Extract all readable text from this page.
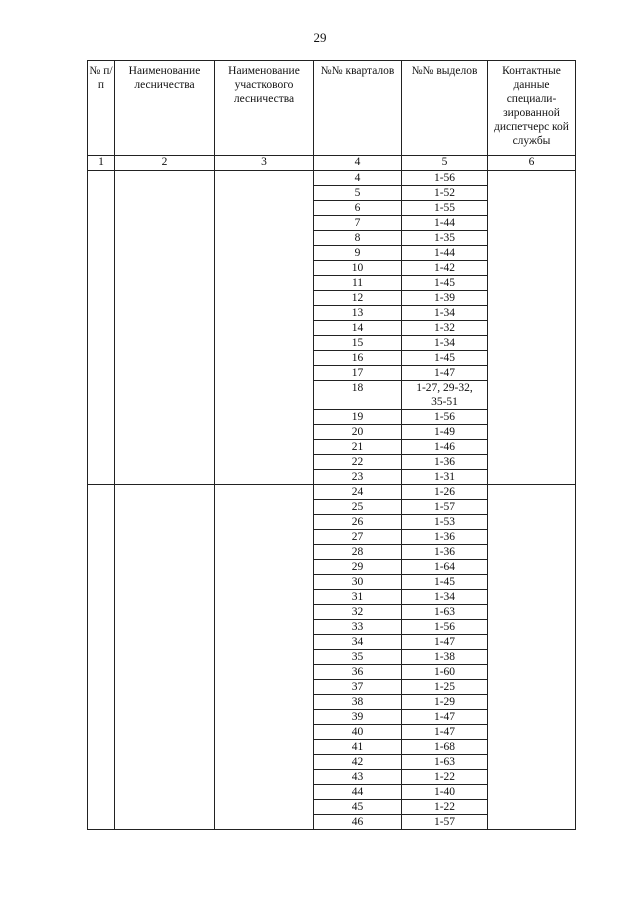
29
№ п/п	Наименование лесничества	Наименование участкового лесничества	№№ кварталов	№№ выделов	Контактные данные специали-зированной диспетчерс кой службы
1	2	3	4	5	6
			4	1-56	
			5	1-52	
			6	1-55	
			7	1-44	
			8	1-35	
			9	1-44	
			10	1-42	
			11	1-45	
			12	1-39	
			13	1-34	
			14	1-32	
			15	1-34	
			16	1-45	
			17	1-47	
			18	1-27, 29-32, 35-51	
			19	1-56	
			20	1-49	
			21	1-46	
			22	1-36	
			23	1-31	
			24	1-26	
			25	1-57	
			26	1-53	
			27	1-36	
			28	1-36	
			29	1-64	
			30	1-45	
			31	1-34	
			32	1-63	
			33	1-56	
			34	1-47	
			35	1-38	
			36	1-60	
			37	1-25	
			38	1-29	
			39	1-47	
			40	1-47	
			41	1-68	
			42	1-63	
			43	1-22	
			44	1-40	
			45	1-22	
			46	1-57	
